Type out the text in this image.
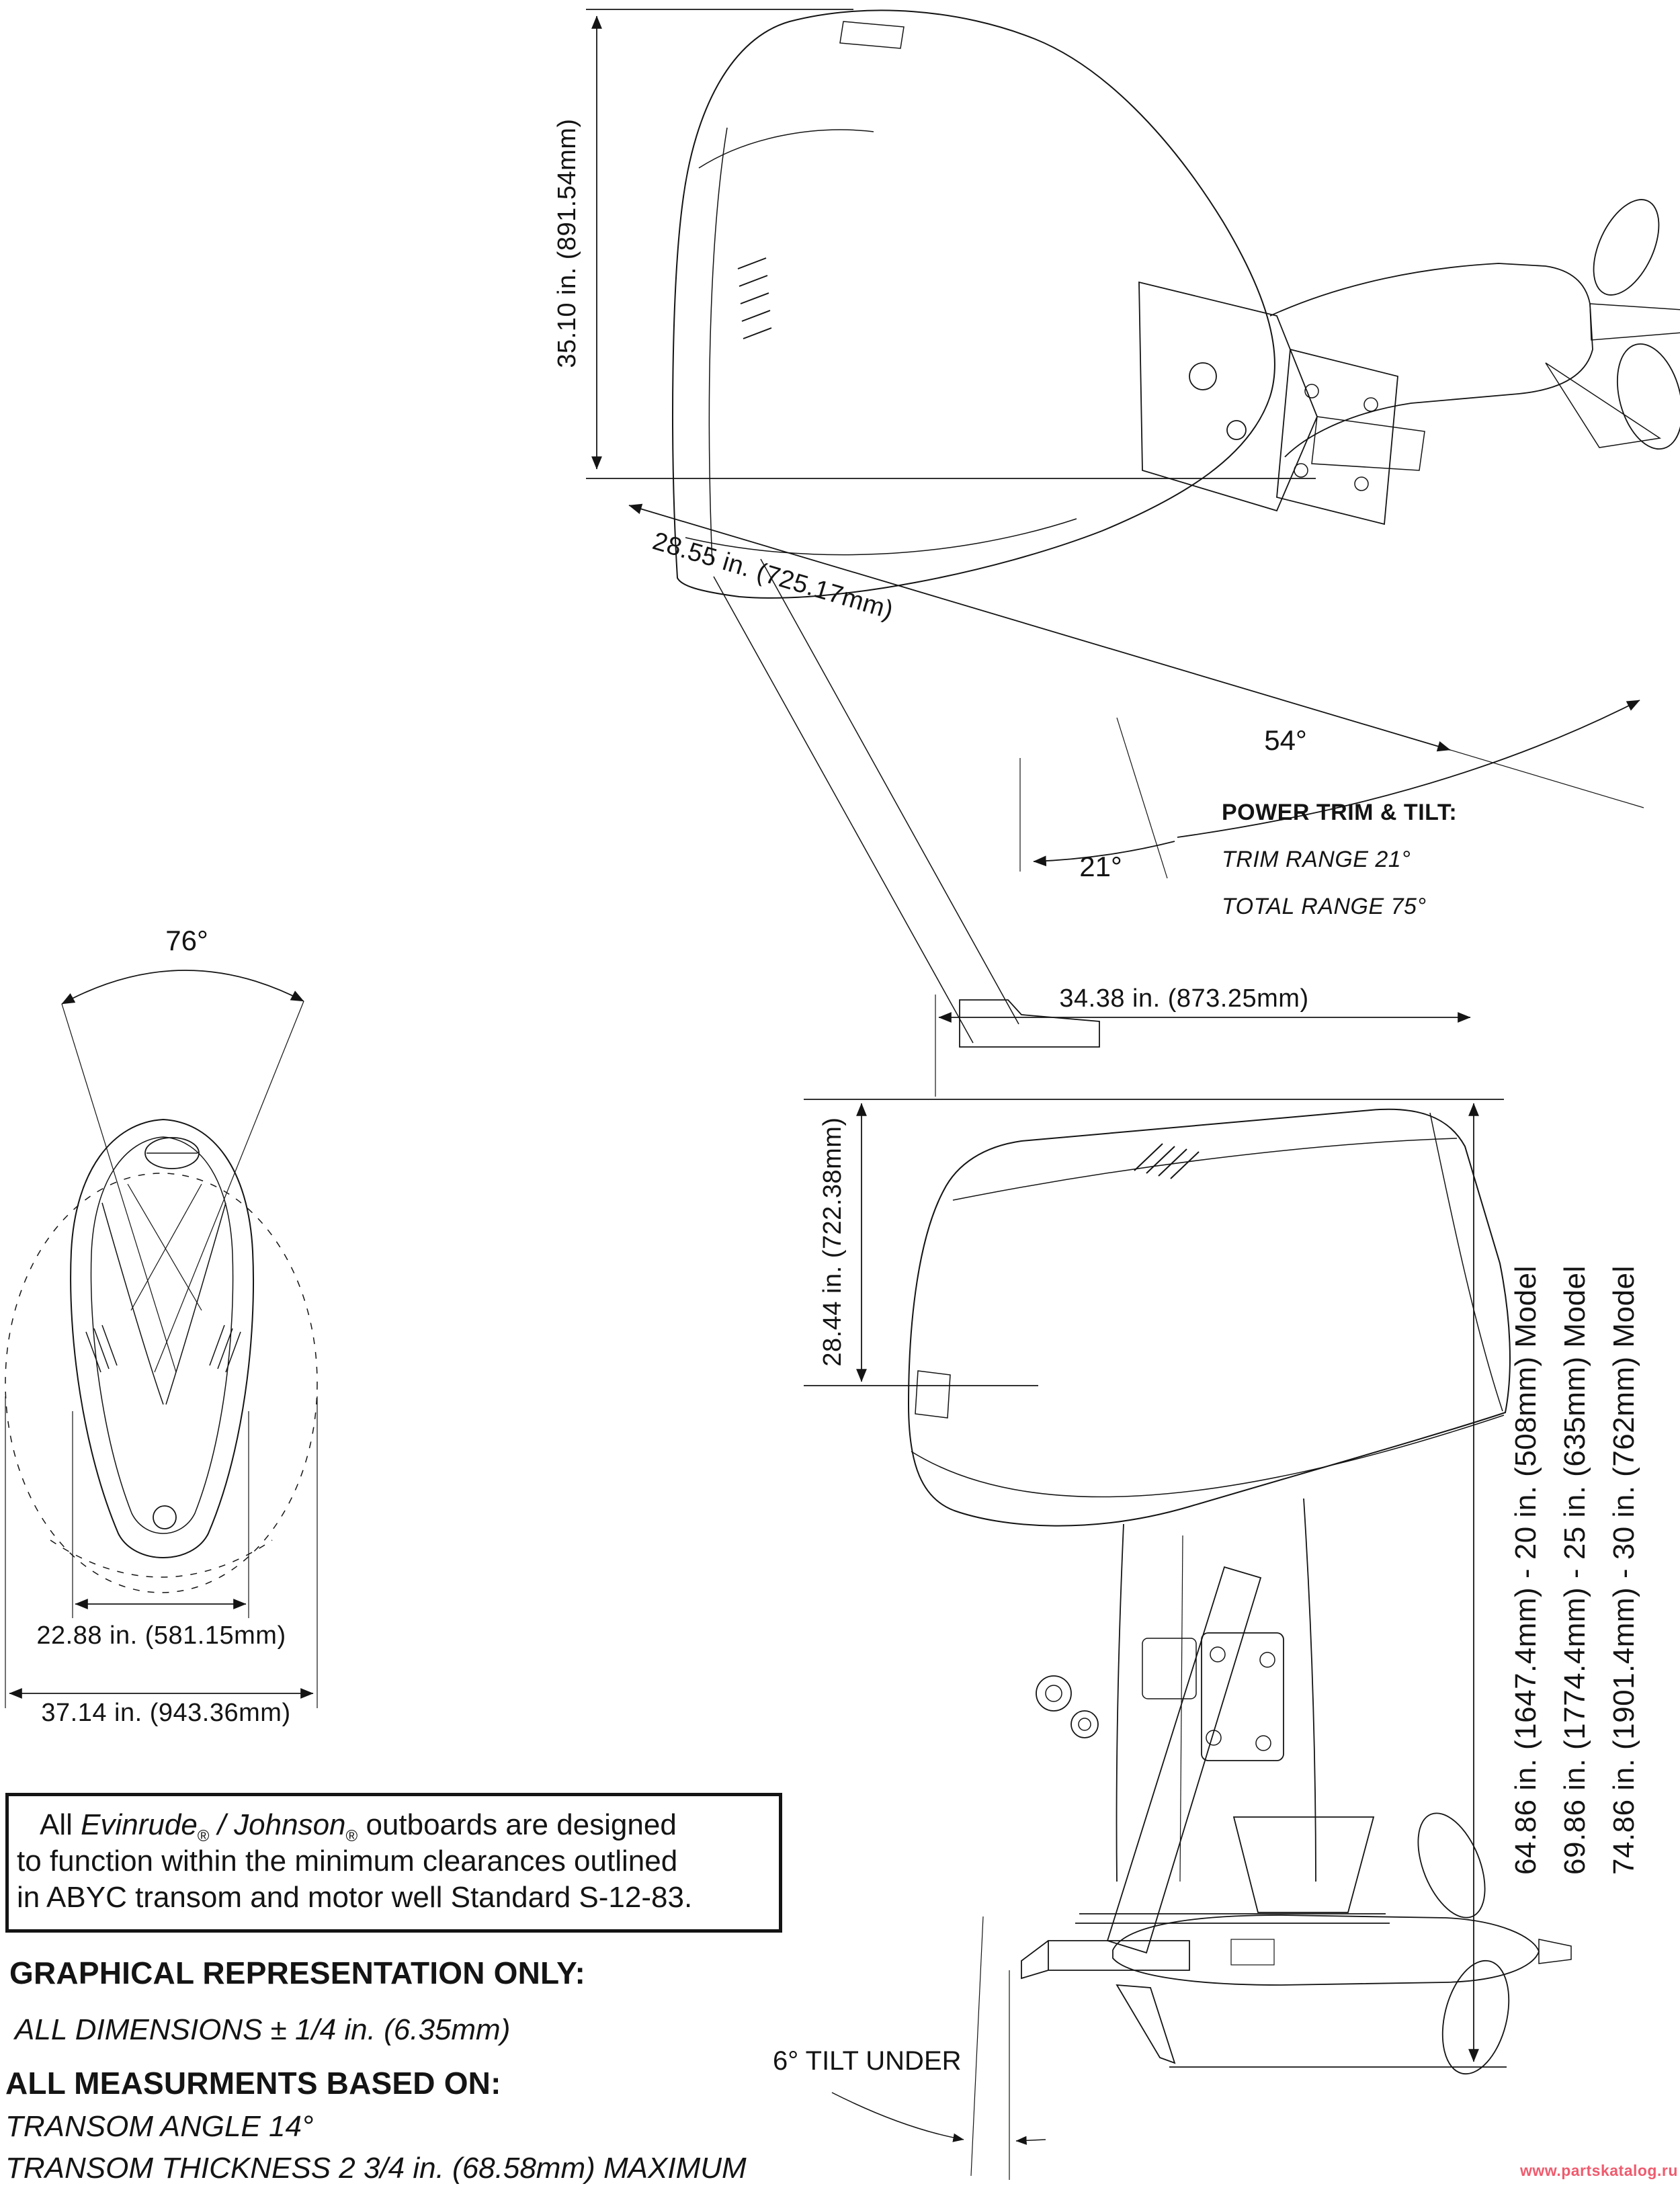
35.10 in. (891.54mm)
28.55 in. (725.17mm)
54°
21°
POWER TRIM & TILT:
TRIM RANGE 21°
TOTAL RANGE 75°
76°
22.88 in. (581.15mm)
37.14 in. (943.36mm)
34.38 in. (873.25mm)
28.44 in. (722.38mm)
64.86 in. (1647.4mm) - 20 in. (508mm) Model 69.86 in. (1774.4mm) - 25 in. (635mm) Model 74.86 in. (1901.4mm) - 30 in. (762mm) Model
6° TILT UNDER
All Evinrude$_®$ / Johnson$_®$ outboards are designed
to function within the minimum clearances outlined
in ABYC transom and motor well Standard S-12-83.
GRAPHICAL REPRESENTATION ONLY:
ALL DIMENSIONS ± 1/4 in. (6.35mm)
ALL MEASURMENTS BASED ON:
TRANSOM ANGLE 14°
TRANSOM THICKNESS 2 3/4 in. (68.58mm) MAXIMUM	www.partskatalog.ru
